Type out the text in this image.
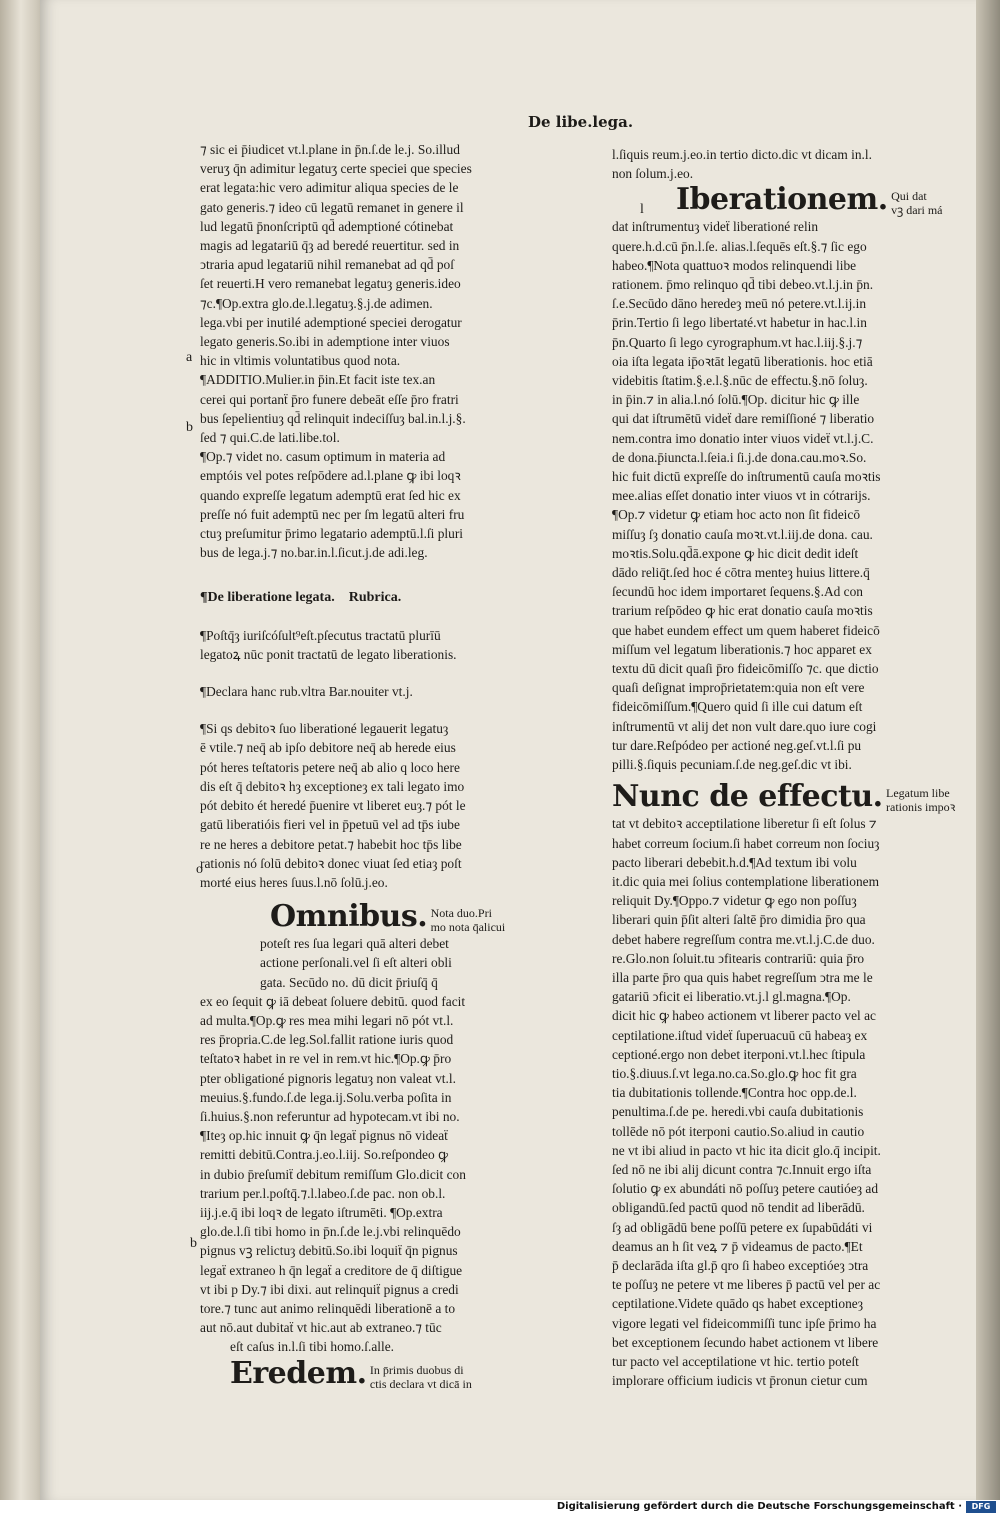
De libe.lega.

⁊ sic ei p̄iudicet vt.l.plane in p̄n.ſ.de le.j. So.illud

veruʒ q̄n adimitur legatuʒ certe speciei que species

erat legata:hic vero adimitur aliqua species de le

gato generis.⁊ ideo cū legatū remanet in genere il

lud legatū p̄nonſcriptū qd̄ ademptioné cótinebat

magis ad legatariū q̄ȝ ad beredé reuertitur. sed in

ↄtraria apud legatariū nihil remanebat ad qd̄ poſ

ſet reuerti.H vero remanebat legatuȝ generis.ideo

⁊c.¶Op.extra glo.de.l.legatuȝ.§.j.de adimen.

lega.vbi per inutilé ademptioné speciei derogatur

legato generis.So.ibi in ademptione inter viuos

hic in vltimis voluntatibus quod nota.

¶ADDITIO.Mulier.in p̄in.Et facit iste tex.an

cerei qui portanẗ p̄ro funere debeāt eſſe p̄ro fratri

bus ſepelientiuȝ qd̄ relinquit indeciſſuȝ bal.in.l.j.§.

ſed ⁊ qui.C.de lati.libe.tol.

¶Op.⁊ videt no. casum optimum in materia ad

emptóis vel potes reſpōdere ad.l.plane ꝙ ibi loqꝛ

quando expreſſe legatum ademptū erat ſed hic ex

preſſe nó fuit ademptū nec per ſm legatū alteri fru

ctuȝ preſumitur p̄rimo legatario ademptū.l.ſi pluri

bus de lega.j.⁊ no.bar.in.l.ſicut.j.de adi.leg.

¶De liberatione legata. Rubrica.

¶Poſtq̄ȝ iuriſcóſult⁹eſt.pſecutus tractatū plurīū

legatoꝝ nūc ponit tractatū de legato liberationis.

¶Declara hanc rub.vltra Bar.nouiter vt.j.

¶Si qs debitoꝛ ſuo liberationé legauerit legatuȝ

ē vtile.⁊ neq̄ ab ipſo debitore neq̄ ab herede eius

pót heres teſtatoris petere neq̄ ab alio q loco here

dis eſt q̄ debitoꝛ hȝ exceptioneȝ ex tali legato imo

pót debito ét heredé p̄uenire vt liberet euȝ.⁊ pót le

gatū liberatióis fieri vel in p̄petuū vel ad tp̄s iube

re ne heres a debitore petat.⁊ habebit hoc tp̄s libe

rationis nó ſolū debitoꝛ donec viuat ſed etiaȝ poſt

morté eius heres ſuus.l.nō ſolū.j.eo.

Omnibus. Nota duo.Pri
mo nota q̄alicui

poteſt res ſua legari quā alteri debet

actione perſonali.vel ſi eſt alteri obli

gata. Secūdo no. dū dicit p̄riuſq̄ q̄

ex eo ſequit ꝙ iā debeat ſoluere debitū. quod facit

ad multa.¶Op.ꝙ res mea mihi legari nō pót vt.l.

res p̄ropria.C.de leg.Sol.fallit ratione iuris quod

teſtatoꝛ habet in re vel in rem.vt hic.¶Op.ꝙ p̄ro

pter obligationé pignoris legatuȝ non valeat vt.l.

meuius.§.fundo.ſ.de lega.ij.Solu.verba poſita in

ſi.huius.§.non referuntur ad hypotecam.vt ibi no.

¶Iteȝ op.hic innuit ꝙ q̄n legaẗ pignus nō videaẗ

remitti debitū.Contra.j.eo.l.iij. So.reſpondeo ꝙ

in dubio p̄reſumiẗ debitum remiſſum Glo.dicit con

trarium per.l.poſtq̄.⁊.l.labeo.ſ.de pac. non ob.l.

iij.j.e.q̄ ibi loqꝛ de legato iſtrumēti. ¶Op.extra

glo.de.l.ſi tibi homo in p̄n.ſ.de le.j.vbi relinquēdo

pignus vꝫ relictuȝ debitū.So.ibi loquiẗ q̄n pignus

legaẗ extraneo h q̄n legaẗ a creditore de q̄ diſtigue

vt ibi p Dy.⁊ ibi dixi. aut relinquiẗ pignus a credi

tore.⁊ tunc aut animo relinquēdi liberationē a to

aut nō.aut dubitaẗ vt hic.aut ab extraneo.⁊ tūc

eſt caſus in.l.ſi tibi homo.ſ.alle.

Eredem. In p̄rimis duobus di
ctis declara vt dicā in

a
b
o
b

l.ſiquis reum.j.eo.in tertio dicto.dic vt dicam in.l.

non ſolum.j.eo.

Iberationem. Qui dat
vꝫ dari má

dat inſtrumentuȝ videẗ liberationé relin

quere.h.d.cū p̄n.l.ſe. alias.l.ſequēs eſt.§.⁊ ſic ego

habeo.¶Nota quattuoꝛ modos relinquendi libe

rationem. p̄mo relinquo qd̄ tibi debeo.vt.l.j.in p̄n.

ſ.e.Secūdo dāno heredeȝ meū nó petere.vt.l.ij.in

p̄rin.Tertio ſi lego libertaté.vt habetur in hac.l.in

p̄n.Quarto ſi lego cyrographum.vt hac.l.iij.§.j.⁊

oia iſta legata ip̄oꝛtāt legatū liberationis. hoc etiā

videbitis ſtatim.§.e.l.§.nūc de effectu.§.nō ſoluȝ.

in p̄in.⁊ in alia.l.nó ſolū.¶Op. dicitur hic ꝙ ille

qui dat iſtrumētū videẗ dare remiſſioné ⁊ liberatio

nem.contra imo donatio inter viuos videẗ vt.l.j.C.

de dona.p̄iuncta.l.ſeia.i ſi.j.de dona.cau.moꝛ.So.

hic fuit dictū expreſſe do inſtrumentū cauſa moꝛtis

mee.alias eſſet donatio inter viuos vt in cótrarijs.

¶Op.⁊ videtur ꝙ etiam hoc acto non ſit fideicō

miſſuȝ ſȝ donatio cauſa moꝛt.vt.l.iij.de dona. cau.

moꝛtis.Solu.qd̄ā.expone ꝙ hic dicit dedit ideſt

dādo reliq̄t.ſed hoc é cōtra menteȝ huius littere.q̄

ſecundū hoc idem importaret ſequens.§.Ad con

trarium reſpōdeo ꝙ hic erat donatio cauſa moꝛtis

que habet eundem effect um quem haberet fideicō

miſſum vel legatum liberationis.⁊ hoc apparet ex

textu dū dicit quaſi p̄ro fideicōmiſſo ⁊c. que dictio

quaſi deſignat improp̄rietatem:quia non eſt vere

fideicōmiſſum.¶Quero quid ſi ille cui datum eſt

inſtrumentū vt alij det non vult dare.quo iure cogi

tur dare.Reſpódeo per actioné neg.geſ.vt.l.ſi pu

pilli.§.ſiquis pecuniam.ſ.de neg.geſ.dic vt ibi.

Nunc de effectu. Legatum libe
rationis impoꝛ

tat vt debitoꝛ acceptilatione liberetur ſi eſt ſolus ⁊

habet correum ſocium.ſi habet correum non ſociuȝ

pacto liberari debebit.h.d.¶Ad textum ibi volu

it.dic quia mei ſolius contemplatione liberationem

reliquit Dy.¶Oppo.⁊ videtur ꝙ ego non poſſuȝ

liberari quin p̄ſit alteri ſaltē p̄ro dimidia p̄ro qua

debet habere regreſſum contra me.vt.l.j.C.de duo.

re.Glo.non ſoluit.tu ↄfitearis contrariū: quia p̄ro

illa parte p̄ro qua quis habet regreſſum ↄtra me le

gatariū ↄficit ei liberatio.vt.j.l gl.magna.¶Op.

dicit hic ꝙ habeo actionem vt liberer pacto vel ac

ceptilatione.iſtud videẗ ſuperuacuū cū habeaȝ ex

ceptioné.ergo non debet iterponi.vt.l.hec ſtipula

tio.§.diuus.ſ.vt lega.no.ca.So.glo.ꝙ hoc fit gra

tia dubitationis tollende.¶Contra hoc opp.de.l.

penultima.ſ.de pe. heredi.vbi cauſa dubitationis

tollēde nō pót iterponi cautio.So.aliud in cautio

ne vt ibi aliud in pacto vt hic ita dicit glo.q̄ incipit.

ſed nō ne ibi alij dicunt contra ⁊c.Innuit ergo iſta

ſolutio ꝙ ex abundáti nō poſſuȝ petere cautióeȝ ad

obligandū.ſed pactū quod nō tendit ad liberādū.

ſȝ ad obligādū bene poſſū petere ex ſupabūdáti vi

deamus an h ſit veꝝ ⁊ p̄ videamus de pacto.¶Et

p̄ declarāda iſta gl.p̄ qro ſi habeo exceptióeȝ ↄtra

te poſſuȝ ne petere vt me liberes p̄ pactū vel per ac

ceptilatione.Videte quādo qs habet exceptioneȝ

vigore legati vel fideicommiſſi tunc ipſe p̄rimo ha

bet exceptionem ſecundo habet actionem vt libere

tur pacto vel acceptilatione vt hic. tertio poteſt

implorare officium iudicis vt p̄ronun cietur cum

l
Digitalisierung gefördert durch die Deutsche Forschungsgemeinschaft ·	DFG
